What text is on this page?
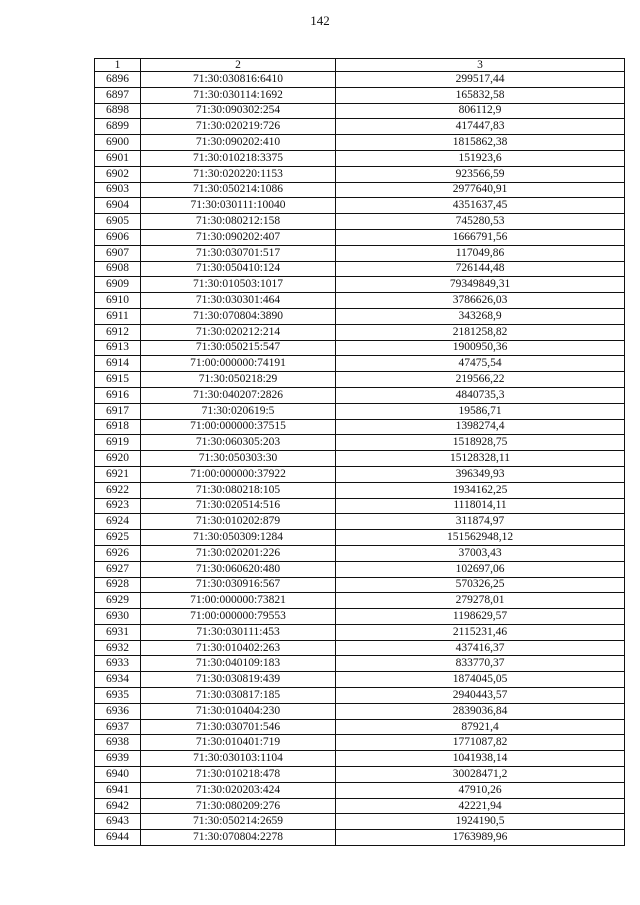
142
1	2	3
6896	71:30:030816:6410	299517,44
6897	71:30:030114:1692	165832,58
6898	71:30:090302:254	806112,9
6899	71:30:020219:726	417447,83
6900	71:30:090202:410	1815862,38
6901	71:30:010218:3375	151923,6
6902	71:30:020220:1153	923566,59
6903	71:30:050214:1086	2977640,91
6904	71:30:030111:10040	4351637,45
6905	71:30:080212:158	745280,53
6906	71:30:090202:407	1666791,56
6907	71:30:030701:517	117049,86
6908	71:30:050410:124	726144,48
6909	71:30:010503:1017	79349849,31
6910	71:30:030301:464	3786626,03
6911	71:30:070804:3890	343268,9
6912	71:30:020212:214	2181258,82
6913	71:30:050215:547	1900950,36
6914	71:00:000000:74191	47475,54
6915	71:30:050218:29	219566,22
6916	71:30:040207:2826	4840735,3
6917	71:30:020619:5	19586,71
6918	71:00:000000:37515	1398274,4
6919	71:30:060305:203	1518928,75
6920	71:30:050303:30	15128328,11
6921	71:00:000000:37922	396349,93
6922	71:30:080218:105	1934162,25
6923	71:30:020514:516	1118014,11
6924	71:30:010202:879	311874,97
6925	71:30:050309:1284	151562948,12
6926	71:30:020201:226	37003,43
6927	71:30:060620:480	102697,06
6928	71:30:030916:567	570326,25
6929	71:00:000000:73821	279278,01
6930	71:00:000000:79553	1198629,57
6931	71:30:030111:453	2115231,46
6932	71:30:010402:263	437416,37
6933	71:30:040109:183	833770,37
6934	71:30:030819:439	1874045,05
6935	71:30:030817:185	2940443,57
6936	71:30:010404:230	2839036,84
6937	71:30:030701:546	87921,4
6938	71:30:010401:719	1771087,82
6939	71:30:030103:1104	1041938,14
6940	71:30:010218:478	30028471,2
6941	71:30:020203:424	47910,26
6942	71:30:080209:276	42221,94
6943	71:30:050214:2659	1924190,5
6944	71:30:070804:2278	1763989,96
